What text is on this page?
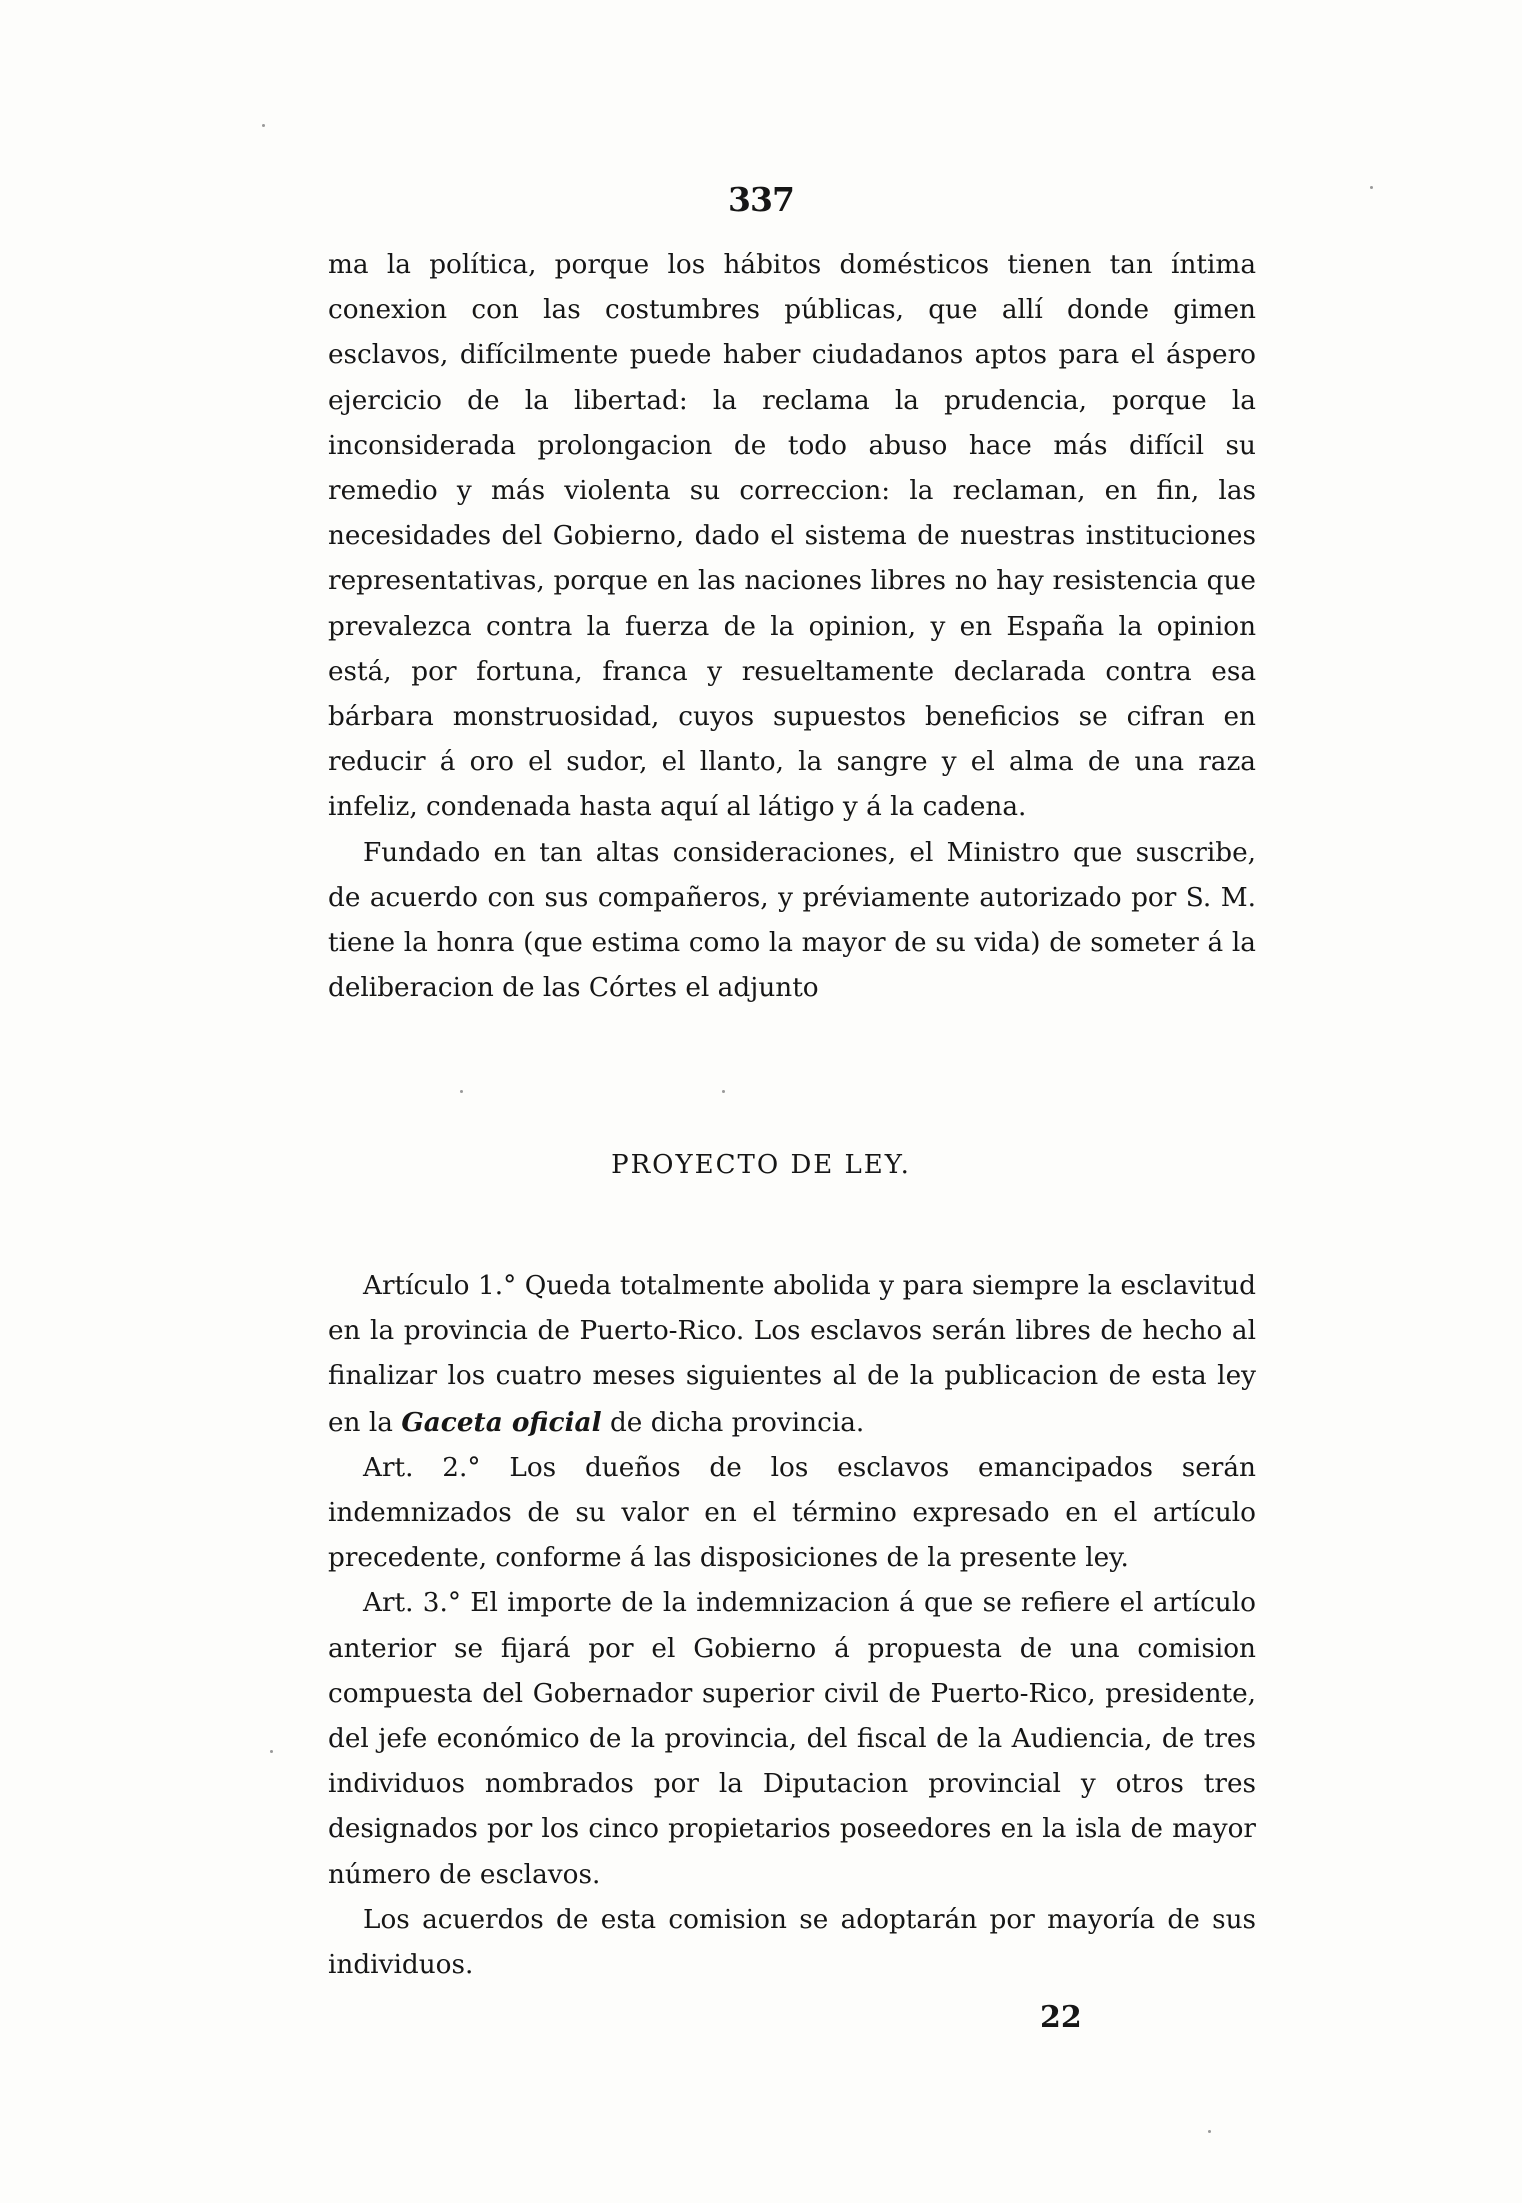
337

ma la política, porque los hábitos domésticos tienen tan íntima conexion con las costumbres públicas, que allí donde gimen esclavos, difícilmente puede haber ciudadanos aptos para el áspero ejercicio de la libertad: la reclama la prudencia, porque la inconsiderada prolongacion de todo abuso hace más difícil su remedio y más violenta su correccion: la reclaman, en fin, las necesidades del Gobierno, dado el sistema de nuestras instituciones representativas, porque en las naciones libres no hay resistencia que prevalezca contra la fuerza de la opinion, y en España la opinion está, por fortuna, franca y resueltamente declarada contra esa bárbara monstruosidad, cuyos supuestos beneficios se cifran en reducir á oro el sudor, el llanto, la sangre y el alma de una raza infeliz, condenada hasta aquí al látigo y á la cadena.

Fundado en tan altas consideraciones, el Ministro que suscribe, de acuerdo con sus compañeros, y préviamente autorizado por S. M. tiene la honra (que estima como la mayor de su vida) de someter á la deliberacion de las Córtes el adjunto

PROYECTO DE LEY.

Artículo 1.° Queda totalmente abolida y para siempre la esclavitud en la provincia de Puerto-Rico. Los esclavos serán libres de hecho al finalizar los cuatro meses siguientes al de la publicacion de esta ley en la Gaceta oficial de dicha provincia.

Art. 2.° Los dueños de los esclavos emancipados serán indemnizados de su valor en el término expresado en el artículo precedente, conforme á las disposiciones de la presente ley.

Art. 3.° El importe de la indemnizacion á que se refiere el artículo anterior se fijará por el Gobierno á propuesta de una comision compuesta del Gobernador superior civil de Puerto-Rico, presidente, del jefe económico de la provincia, del fiscal de la Audiencia, de tres individuos nombrados por la Diputacion provincial y otros tres designados por los cinco propietarios poseedores en la isla de mayor número de esclavos.

Los acuerdos de esta comision se adoptarán por mayoría de sus individuos.

22
